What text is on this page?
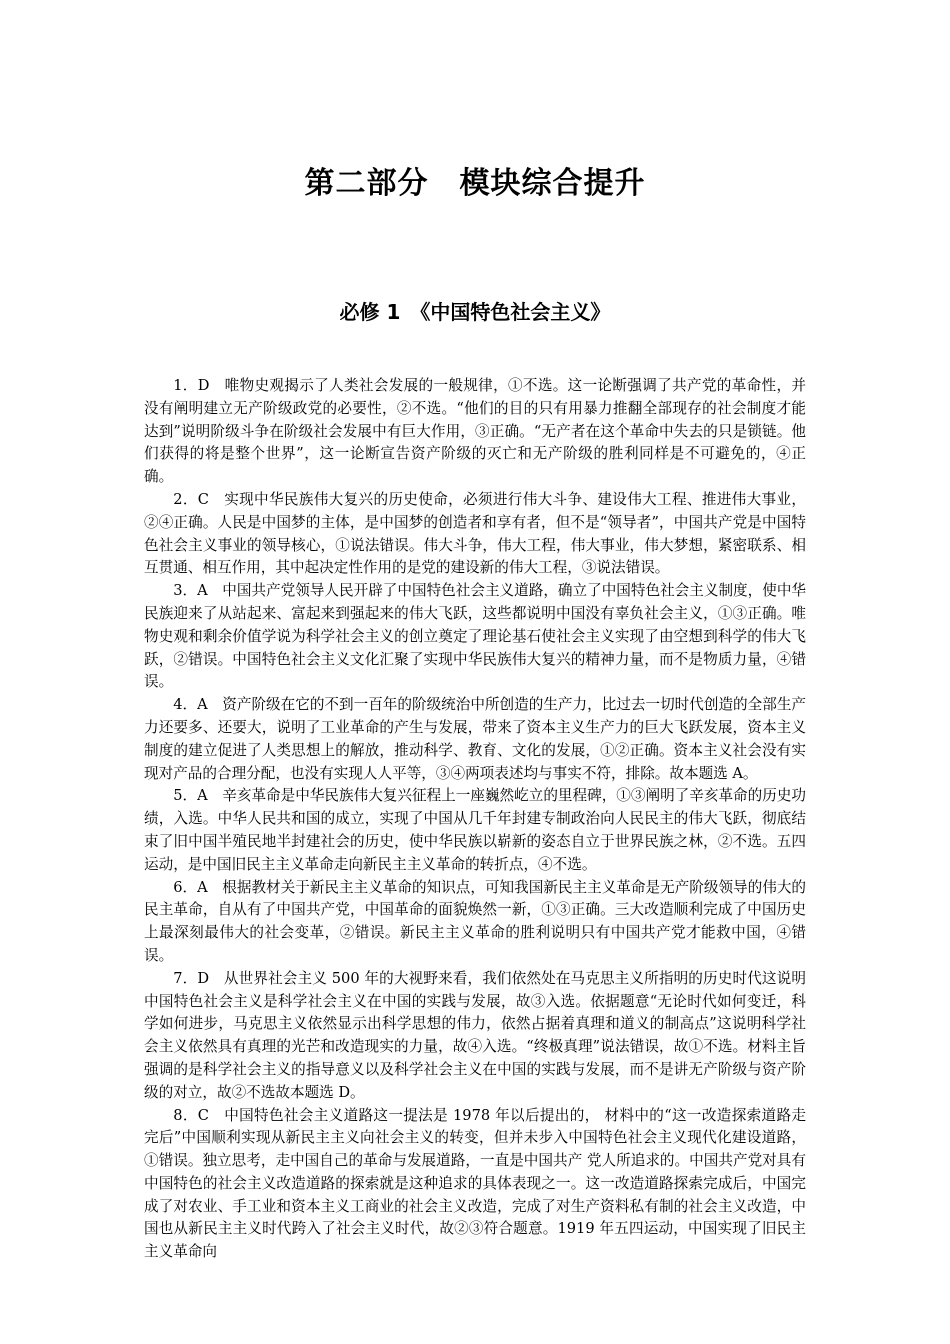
第二部分　模块综合提升
必修 1　《中国特色社会主义》

1．D　 唯物史观揭示了人类社会发展的一般规律，①不选。这一论断强调了共产党的革命性，并没有阐明建立无产阶级政党的必要性，②不选。“他们的目的只有用暴力推翻全部现存的社会制度才能达到”说明阶级斗争在阶级社会发展中有巨大作用，③正确。“无产者在这个革命中失去的只是锁链。他们获得的将是整个世界”，这一论断宣告资产阶级的灭亡和无产阶级的胜利同样是不可避免的，④正确。

2．C　 实现中华民族伟大复兴的历史使命，必须进行伟大斗争、建设伟大工程、推进伟大事业，②④正确。人民是中国梦的主体，是中国梦的创造者和享有者，但不是“领导者”，中国共产党是中国特色社会主义事业的领导核心，①说法错误。伟大斗争，伟大工程，伟大事业，伟大梦想，紧密联系、相互贯通、相互作用，其中起决定性作用的是党的建设新的伟大工程，③说法错误。

3．A　 中国共产党领导人民开辟了中国特色社会主义道路，确立了中国特色社会主义制度，使中华民族迎来了从站起来、富起来到强起来的伟大飞跃，这些都说明中国没有辜负社会主义，①③正确。唯物史观和剩余价值学说为科学社会主义的创立奠定了理论基石使社会主义实现了由空想到科学的伟大飞跃，②错误。中国特色社会主义文化汇聚了实现中华民族伟大复兴的精神力量，而不是物质力量，④错误。

4．A　 资产阶级在它的不到一百年的阶级统治中所创造的生产力，比过去一切时代创造的全部生产力还要多、还要大，说明了工业革命的产生与发展，带来了资本主义生产力的巨大飞跃发展，资本主义制度的建立促进了人类思想上的解放，推动科学、教育、文化的发展，①②正确。资本主义社会没有实现对产品的合理分配，也没有实现人人平等，③④两项表述均与事实不符，排除。故本题选 A。

5．A　 辛亥革命是中华民族伟大复兴征程上一座巍然屹立的里程碑，①③阐明了辛亥革命的历史功绩，入选。中华人民共和国的成立，实现了中国从几千年封建专制政治向人民民主的伟大飞跃，彻底结束了旧中国半殖民地半封建社会的历史，使中华民族以崭新的姿态自立于世界民族之林，②不选。五四运动，是中国旧民主主义革命走向新民主主义革命的转折点，④不选。

6．A　 根据教材关于新民主主义革命的知识点，可知我国新民主主义革命是无产阶级领导的伟大的民主革命，自从有了中国共产党，中国革命的面貌焕然一新，①③正确。三大改造顺利完成了中国历史上最深刻最伟大的社会变革，②错误。新民主主义革命的胜利说明只有中国共产党才能救中国，④错误。

7．D　 从世界社会主义 500 年的大视野来看，我们依然处在马克思主义所指明的历史时代这说明中国特色社会主义是科学社会主义在中国的实践与发展，故③入选。依据题意“无论时代如何变迁，科学如何进步，马克思主义依然显示出科学思想的伟力，依然占据着真理和道义的制高点”这说明科学社会主义依然具有真理的光芒和改造现实的力量，故④入选。“终极真理”说法错误，故①不选。材料主旨强调的是科学社会主义的指导意义以及科学社会主义在中国的实践与发展，而不是讲无产阶级与资产阶级的对立，故②不选故本题选 D。

8．C　 中国特色社会主义道路这一提法是 1978 年以后提出的， 材料中的“这一改造探索道路走完后”中国顺利实现从新民主主义向社会主义的转变，但并未步入中国特色社会主义现代化建设道路，①错误。独立思考，走中国自己的革命与发展道路，一直是中国共产 党人所追求的。中国共产党对具有中国特色的社会主义改造道路的探索就是这种追求的具体表现之一。这一改造道路探索完成后，中国完成了对农业、手工业和资本主义工商业的社会主义改造，完成了对生产资料私有制的社会主义改造，中国也从新民主主义时代跨入了社会主义时代，故②③符合题意。1919 年五四运动，中国实现了旧民主主义革命向
